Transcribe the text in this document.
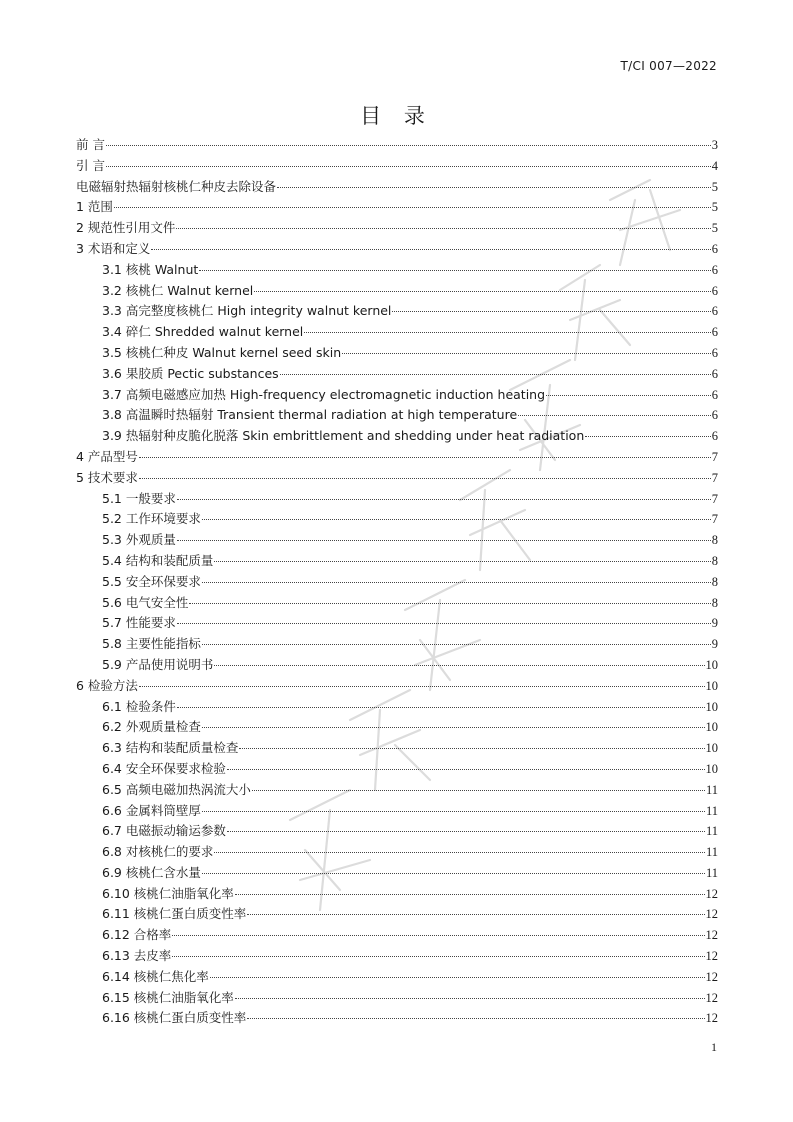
T/CI 007—2022
目 录
前 言	3
引 言	4
电磁辐射热辐射核桃仁种皮去除设备	5
1 范围	5
2 规范性引用文件	5
3 术语和定义	6
3.1 核桃 Walnut	6
3.2 核桃仁 Walnut kernel	6
3.3 高完整度核桃仁 High integrity walnut kernel	6
3.4 碎仁 Shredded walnut kernel	6
3.5 核桃仁种皮 Walnut kernel seed skin	6
3.6 果胶质 Pectic substances	6
3.7 高频电磁感应加热 High-frequency electromagnetic induction heating	6
3.8 高温瞬时热辐射 Transient thermal radiation at high temperature	6
3.9 热辐射种皮脆化脱落 Skin embrittlement and shedding under heat radiation	6
4 产品型号	7
5 技术要求	7
5.1 一般要求	7
5.2 工作环境要求	7
5.3 外观质量	8
5.4 结构和装配质量	8
5.5 安全环保要求	8
5.6 电气安全性	8
5.7 性能要求	9
5.8 主要性能指标	9
5.9 产品使用说明书	10
6 检验方法	10
6.1 检验条件	10
6.2 外观质量检查	10
6.3 结构和装配质量检查	10
6.4 安全环保要求检验	10
6.5 高频电磁加热涡流大小	11
6.6 金属料筒壁厚	11
6.7 电磁振动输运参数	11
6.8 对核桃仁的要求	11
6.9 核桃仁含水量	11
6.10 核桃仁油脂氧化率	12
6.11 核桃仁蛋白质变性率	12
6.12 合格率	12
6.13 去皮率	12
6.14 核桃仁焦化率	12
6.15 核桃仁油脂氧化率	12
6.16 核桃仁蛋白质变性率	12
1
